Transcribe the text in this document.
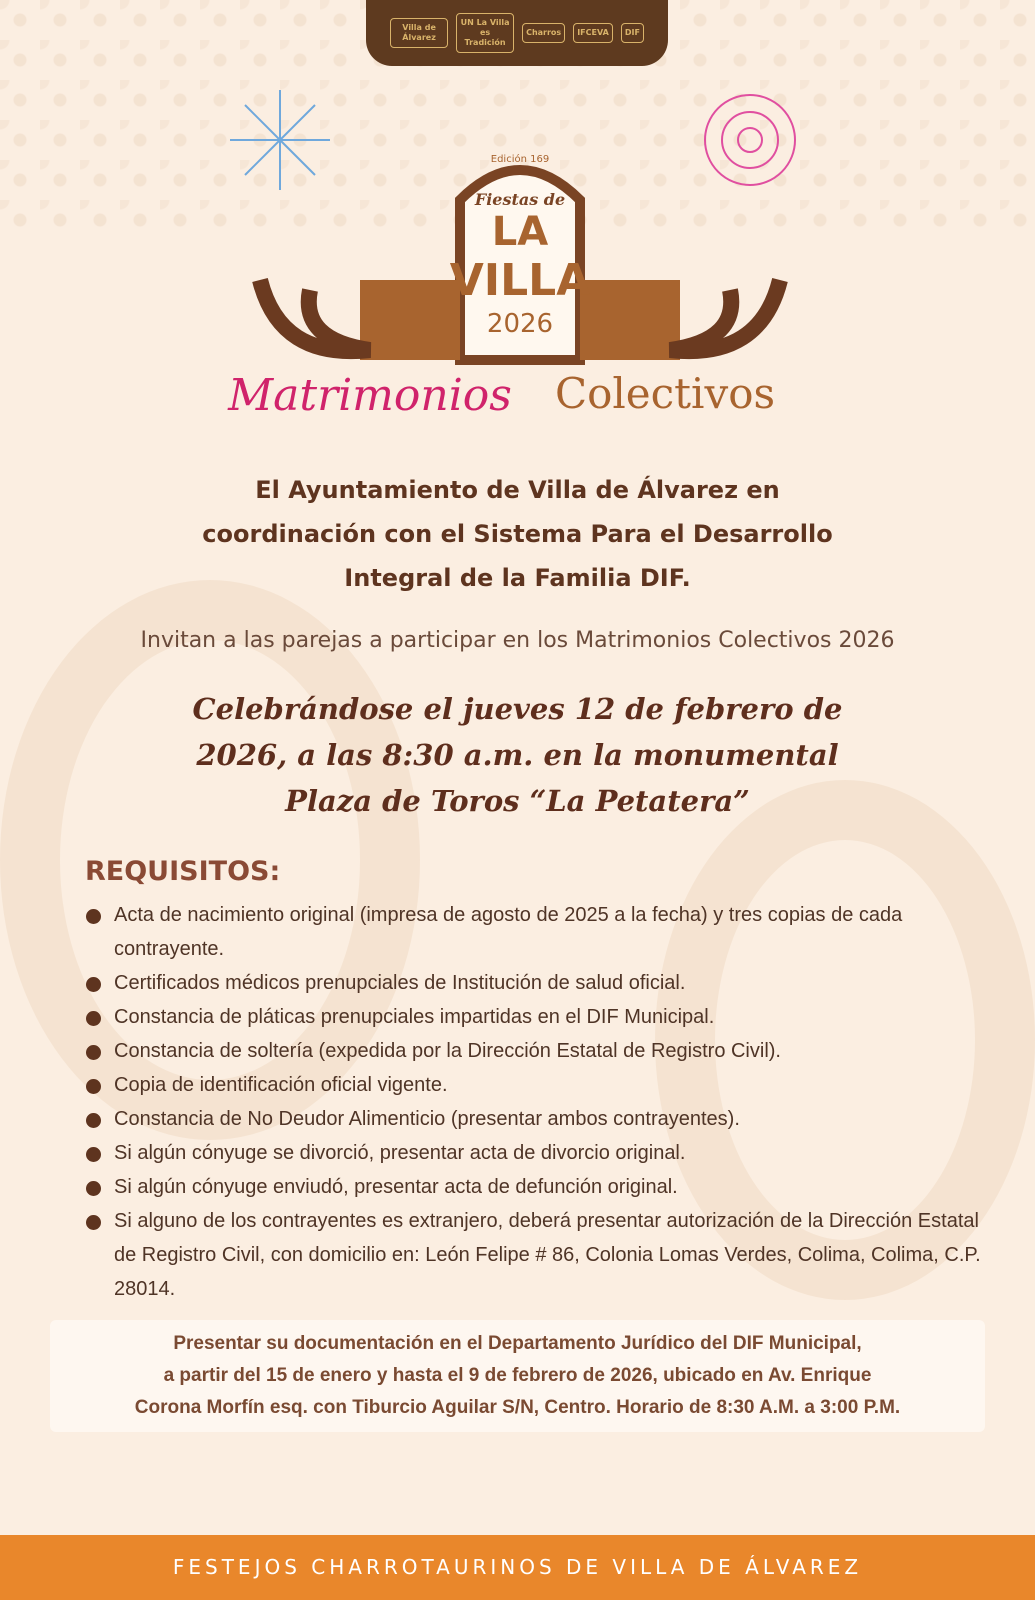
Villa de Álvarez
UN La Villa es Tradición
Charros	IFCEVA	DIF
Edición 169
Fiestas de
LA
VILLA
2026
Matrimonios Colectivos
El Ayuntamiento de Villa de Álvarez en
coordinación con el Sistema Para el Desarrollo
Integral de la Familia DIF.
Invitan a las parejas a participar en los Matrimonios Colectivos 2026
Celebrándose el jueves 12 de febrero de
2026, a las 8:30 a.m. en la monumental
Plaza de Toros “La Petatera”
REQUISITOS:
Acta de nacimiento original (impresa de agosto de 2025 a la fecha) y tres copias de cada contrayente.
Certificados médicos prenupciales de Institución de salud oficial.
Constancia de pláticas prenupciales impartidas en el DIF Municipal.
Constancia de soltería (expedida por la Dirección Estatal de Registro Civil).
Copia de identificación oficial vigente.
Constancia de No Deudor Alimenticio (presentar ambos contrayentes).
Si algún cónyuge se divorció, presentar acta de divorcio original.
Si algún cónyuge enviudó, presentar acta de defunción original.
Si alguno de los contrayentes es extranjero, deberá presentar autorización de la Dirección Estatal de Registro Civil, con domicilio en: León Felipe # 86, Colonia Lomas Verdes, Colima, Colima, C.P. 28014.
Presentar su documentación en el Departamento Jurídico del DIF Municipal,
a partir del 15 de enero y hasta el 9 de febrero de 2026, ubicado en Av. Enrique
Corona Morfín esq. con Tiburcio Aguilar S/N, Centro. Horario de 8:30 A.M. a 3:00 P.M.
FESTEJOS CHARROTAURINOS DE VILLA DE ÁLVAREZ
